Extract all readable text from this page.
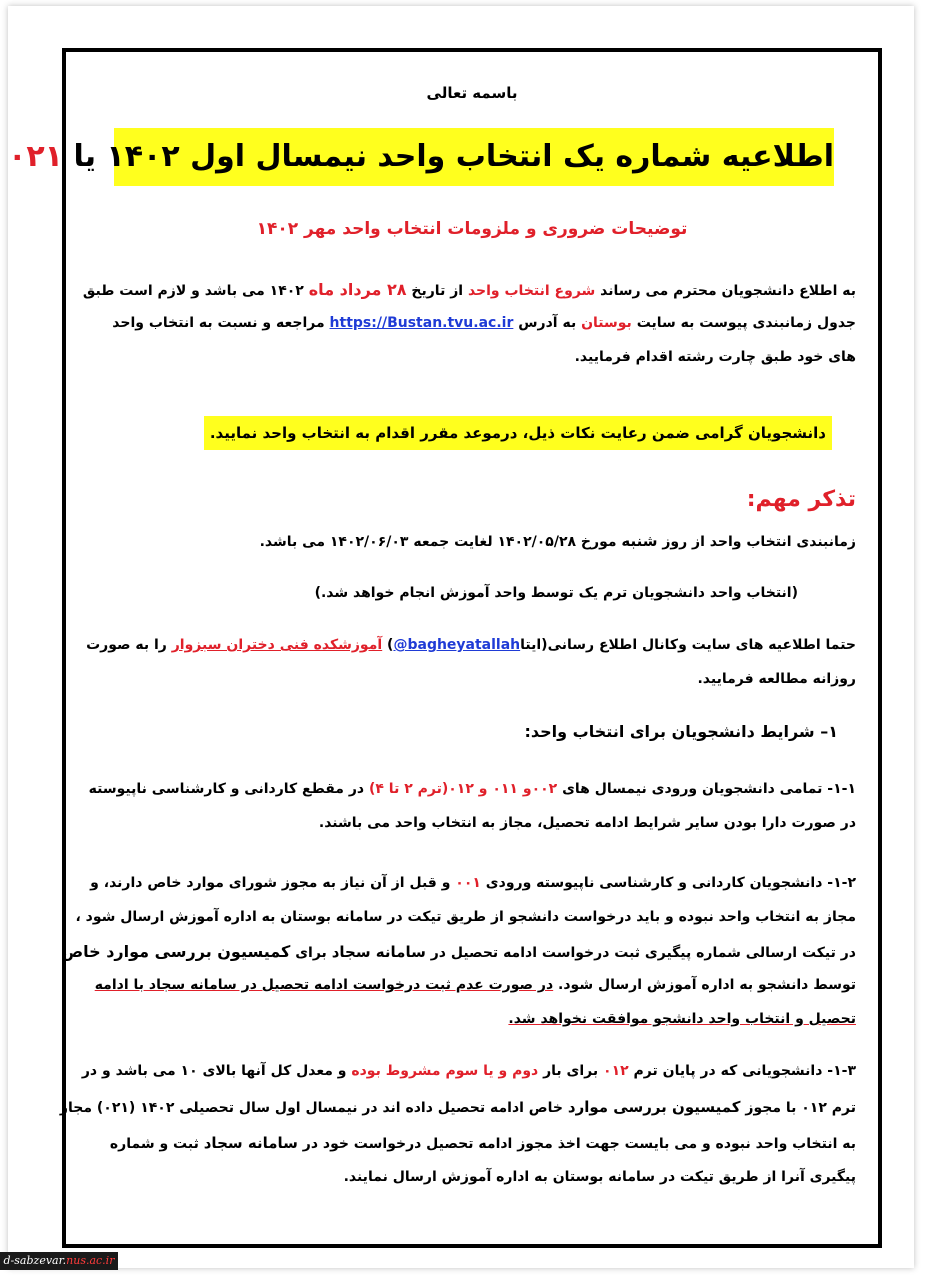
باسمه تعالی
اطلاعیه شماره یک انتخاب واحد نیمسال اول ۱۴۰۲ یا ۰۲۱
توضیحات ضروری و ملزومات انتخاب واحد مهر ۱۴۰۲
به اطلاع دانشجویان محترم می رساند شروع انتخاب واحد از تاریخ ۲۸ مرداد ماه ۱۴۰۲ می باشد و لازم است طبق
جدول زمانبندی پیوست به سایت بوستان به آدرس https://Bustan.tvu.ac.ir مراجعه و نسبت به انتخاب واحد
های خود طبق چارت رشته اقدام فرمایید.
دانشجویان گرامی ضمن رعایت نکات ذیل، درموعد مقرر اقدام به انتخاب واحد نمایید.
تذکر مهم:
زمانبندی انتخاب واحد از روز شنبه مورخ ۱۴۰۲/۰۵/۲۸ لغایت جمعه ۱۴۰۲/۰۶/۰۳ می باشد.
(انتخاب واحد دانشجویان ترم یک توسط واحد آموزش انجام خواهد شد.)
حتما اطلاعیه های سایت وکانال اطلاع رسانی(ایتا@bagheyatallah) آموزشکده فنی دختران سبزوار را به صورت
روزانه مطالعه فرمایید.
۱– شرایط دانشجویان برای انتخاب واحد:
۱-۱- تمامی دانشجویان ورودی نیمسال های ۰۰۲و ۰۱۱ و ۰۱۲(ترم ۲ تا ۴) در مقطع کاردانی و کارشناسی ناپیوسته
در صورت دارا بودن سایر شرایط ادامه تحصیل، مجاز به انتخاب واحد می باشند.
۱-۲- دانشجویان کاردانی و کارشناسی ناپیوسته ورودی ۰۰۱ و قبل از آن نیاز به مجوز شورای موارد خاص دارند، و
مجاز به انتخاب واحد نبوده و باید درخواست دانشجو از طریق تیکت در سامانه بوستان به اداره آموزش ارسال شود ،
در تیکت ارسالی شماره پیگیری ثبت درخواست ادامه تحصیل در سامانه سجاد برای کمیسیون بررسی موارد خاص
توسط دانشجو به اداره آموزش ارسال شود. در صورت عدم ثبت درخواست ادامه تحصیل در سامانه سجاد با ادامه
تحصیل و انتخاب واحد دانشجو موافقت نخواهد شد.
۱-۳- دانشجویانی که در پایان ترم ۰۱۲ برای بار دوم و یا سوم مشروط بوده و معدل کل آنها بالای ۱۰ می باشد و در
ترم ۰۱۲ با مجوز کمیسیون بررسی موارد خاص ادامه تحصیل داده اند در نیمسال اول سال تحصیلی ۱۴۰۲ (۰۲۱) مجاز
به انتخاب واحد نبوده و می بایست جهت اخذ مجوز ادامه تحصیل درخواست خود در سامانه سجاد ثبت و شماره
پیگیری آنرا از طریق تیکت در سامانه بوستان به اداره آموزش ارسال نمایند.
d-sabzevar.nus.ac.ir
